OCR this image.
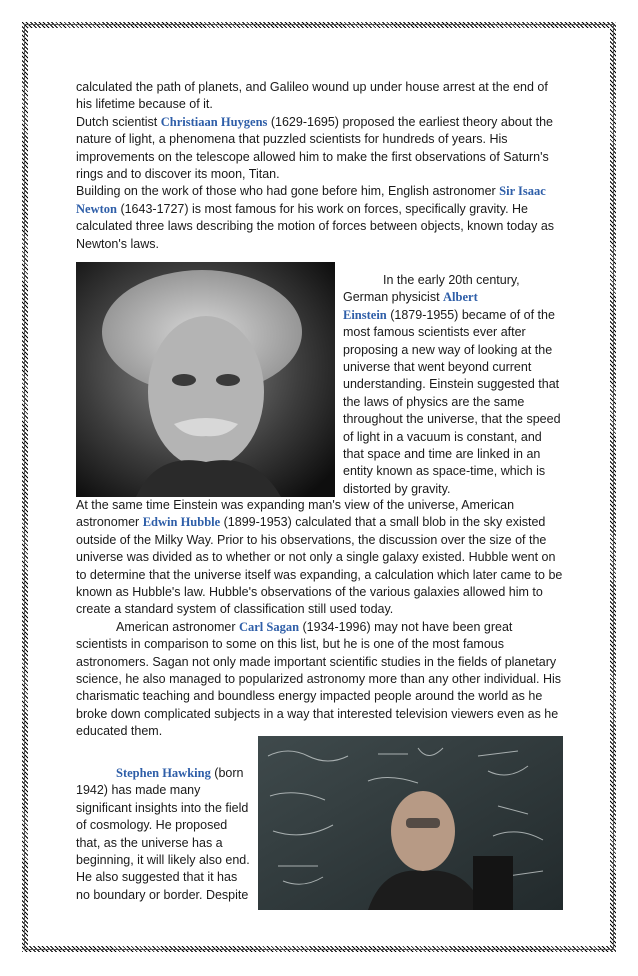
calculated the path of planets, and Galileo wound up under house arrest at the end of

his lifetime because of it.

Dutch scientist Christiaan Huygens (1629-1695) proposed the earliest theory about the

nature of light, a phenomena that puzzled scientists for hundreds of years. His

improvements on the telescope allowed him to make the first observations of Saturn's

rings and to discover its moon, Titan.

Building on the work of those who had gone before him, English astronomer Sir Isaac

Newton (1643-1727) is most famous for his work on forces, specifically gravity. He

calculated three laws describing the motion of forces between objects, known today as

Newton's laws.

In the early 20th century,

German physicist Albert

Einstein (1879-1955) became of of the

most famous scientists ever after

proposing a new way of looking at the

universe that went beyond current

understanding. Einstein suggested that

the laws of physics are the same

throughout the universe, that the speed

of light in a vacuum is constant, and

that space and time are linked in an

entity known as space-time, which is

distorted by gravity.

At the same time Einstein was expanding man's view of the universe, American

astronomer Edwin Hubble (1899-1953) calculated that a small blob in the sky existed

outside of the Milky Way. Prior to his observations, the discussion over the size of the

universe was divided as to whether or not only a single galaxy existed. Hubble went on

to determine that the universe itself was expanding, a calculation which later came to be

known as Hubble's law. Hubble's observations of the various galaxies allowed him to

create a standard system of classification still used today.

American astronomer Carl Sagan (1934-1996) may not have been great

scientists in comparison to some on this list, but he is one of the most famous

astronomers. Sagan not only made important scientific studies in the fields of planetary

science, he also managed to popularized astronomy more than any other individual. His

charismatic teaching and boundless energy impacted people around the world as he

broke down complicated subjects in a way that interested television viewers even as he

educated them.

Stephen Hawking (born

1942) has made many

significant insights into the field

of cosmology. He proposed

that, as the universe has a

beginning, it will likely also end.

He also suggested that it has

no boundary or border. Despite
